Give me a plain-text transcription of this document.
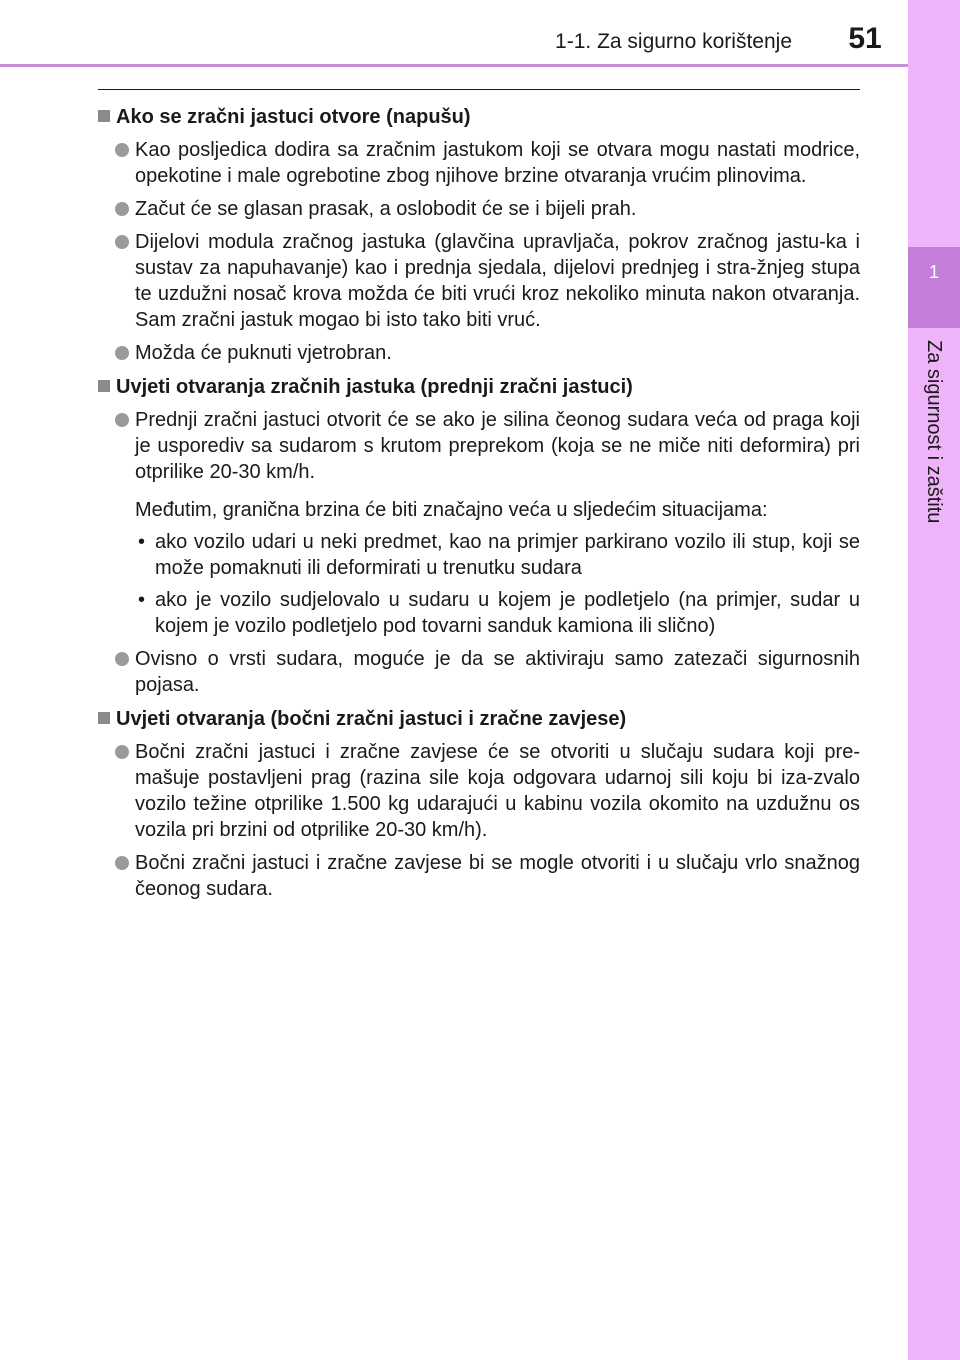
1-1. Za sigurno korištenje	51
1
Za sigurnost i zaštitu
Ako se zračni jastuci otvore (napušu)
Kao posljedica dodira sa zračnim jastukom koji se otvara mogu nastati modrice, opekotine i male ogrebotine zbog njihove brzine otvaranja vrućim plinovima.
Začut će se glasan prasak, a oslobodit će se i bijeli prah.
Dijelovi modula zračnog jastuka (glavčina upravljača, pokrov zračnog jastu-ka i sustav za napuhavanje) kao i prednja sjedala, dijelovi prednjeg i stra-žnjeg stupa te uzdužni nosač krova možda će biti vrući kroz nekoliko minuta nakon otvaranja. Sam zračni jastuk mogao bi isto tako biti vruć.
Možda će puknuti vjetrobran.
Uvjeti otvaranja zračnih jastuka (prednji zračni jastuci)
Prednji zračni jastuci otvorit će se ako je silina čeonog sudara veća od praga koji je usporediv sa sudarom s krutom preprekom (koja se ne miče niti deformira) pri otprilike 20-30 km/h.
Međutim, granična brzina će biti značajno veća u sljedećim situacijama:
• ako vozilo udari u neki predmet, kao na primjer parkirano vozilo ili stup, koji se može pomaknuti ili deformirati u trenutku sudara
• ako je vozilo sudjelovalo u sudaru u kojem je podletjelo (na primjer, sudar u kojem je vozilo podletjelo pod tovarni sanduk kamiona ili slično)
Ovisno o vrsti sudara, moguće je da se aktiviraju samo zatezači sigurnosnih pojasa.
Uvjeti otvaranja (bočni zračni jastuci i zračne zavjese)
Bočni zračni jastuci i zračne zavjese će se otvoriti u slučaju sudara koji pre-mašuje postavljeni prag (razina sile koja odgovara udarnoj sili koju bi iza-zvalo vozilo težine otprilike 1.500 kg udarajući u kabinu vozila okomito na uzdužnu os vozila pri brzini od otprilike 20-30 km/h).
Bočni zračni jastuci i zračne zavjese bi se mogle otvoriti i u slučaju vrlo snažnog čeonog sudara.
